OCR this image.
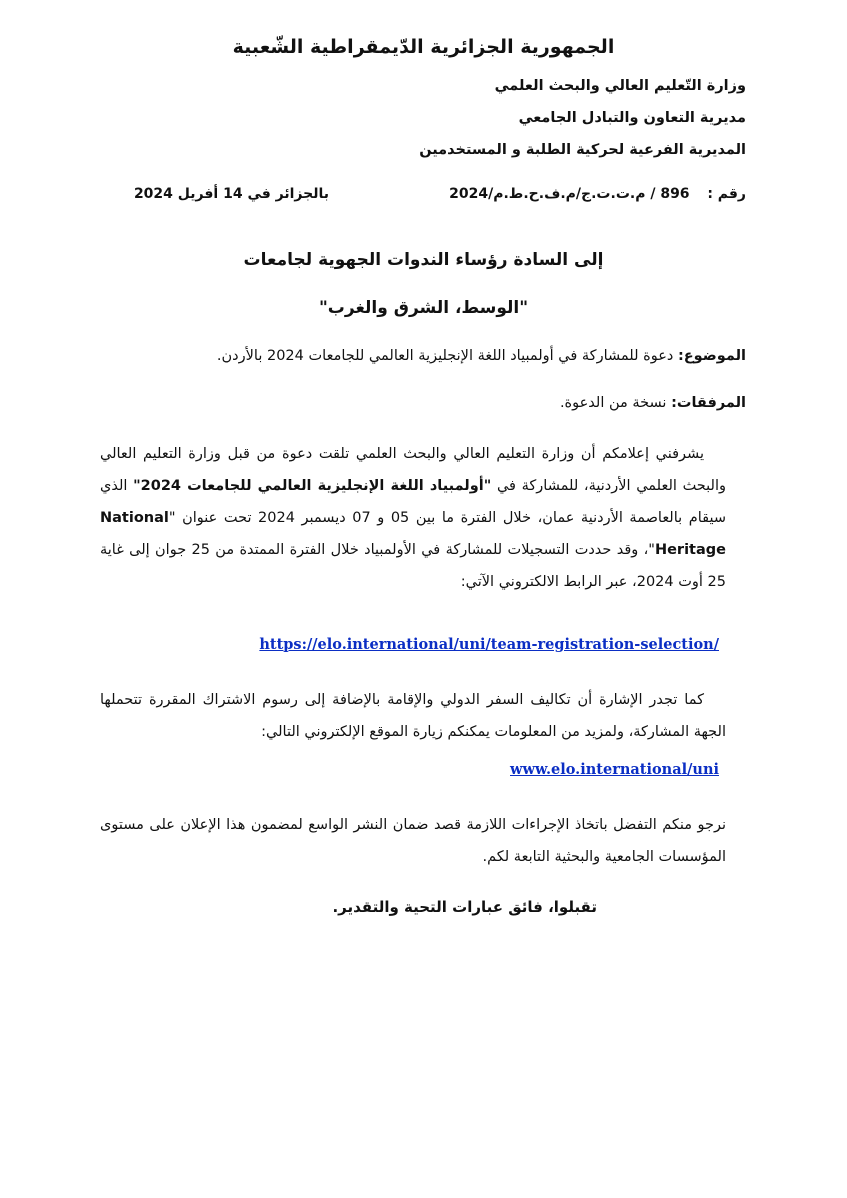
الجمهورية الجزائرية الدّيمقراطية الشّعبية
وزارة التّعليم العالي والبحث العلمي
مديرية التعاون والتبادل الجامعي
المديرية الفرعية لحركية الطلبة و المستخدمين
رقم :  896 / م.ت.ت.ج/م.ف.ح.ط.م/2024
بالجزائر في 14 أفريل 2024
إلى السادة رؤساء الندوات الجهوية لجامعات
"الوسط، الشرق والغرب"
الموضوع: دعوة للمشاركة في أولمبياد اللغة الإنجليزية العالمي للجامعات 2024 بالأردن.
المرفقات: نسخة من الدعوة.
يشرفني إعلامكم أن وزارة التعليم العالي والبحث العلمي تلقت دعوة من قبل وزارة التعليم العالي والبحث العلمي الأردنية، للمشاركة في "أولمبياد اللغة الإنجليزية العالمي للجامعات 2024" الذي سيقام بالعاصمة الأردنية عمان، خلال الفترة ما بين 05 و 07 ديسمبر 2024 تحت عنوان "National Heritage"، وقد حددت التسجيلات للمشاركة في الأولمبياد خلال الفترة الممتدة من 25 جوان إلى غاية 25 أوت 2024، عبر الرابط الالكتروني الآتي:
https://elo.international/uni/team-registration-selection/
كما تجدر الإشارة أن تكاليف السفر الدولي والإقامة بالإضافة إلى رسوم الاشتراك المقررة تتحملها الجهة المشاركة، ولمزيد من المعلومات يمكنكم زيارة الموقع الإلكتروني التالي:
www.elo.international/uni
نرجو منكم التفضل باتخاذ الإجراءات اللازمة قصد ضمان النشر الواسع لمضمون هذا الإعلان على مستوى المؤسسات الجامعية والبحثية التابعة لكم.
تقبلوا، فائق عبارات التحية والتقدير.
